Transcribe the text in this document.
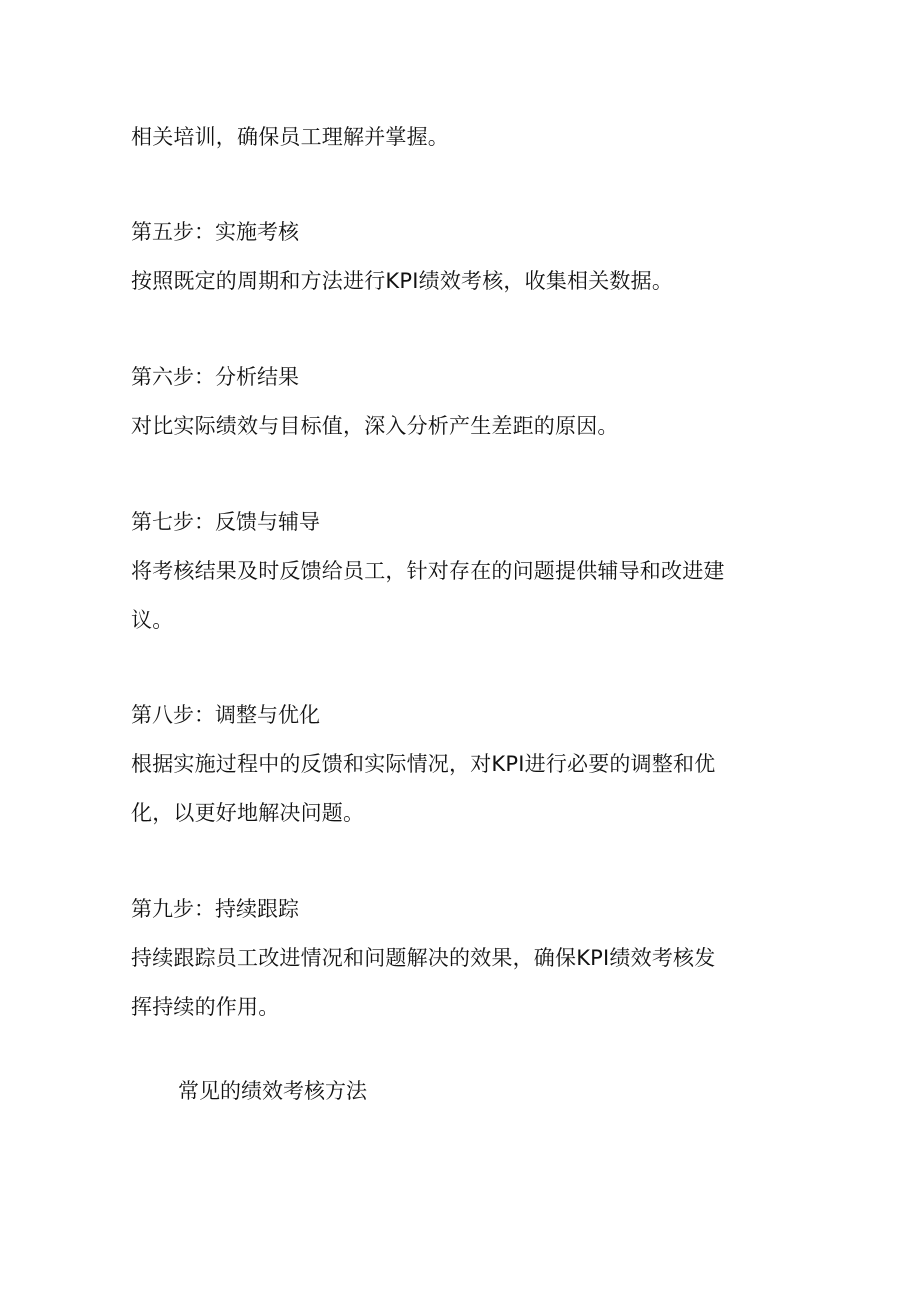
相关培训，确保员工理解并掌握。
第五步：实施考核
按照既定的周期和方法进行KPI绩效考核，收集相关数据。
第六步：分析结果
对比实际绩效与目标值，深入分析产生差距的原因。
第七步：反馈与辅导
将考核结果及时反馈给员工，针对存在的问题提供辅导和改进建
议。
第八步：调整与优化
根据实施过程中的反馈和实际情况，对KPI进行必要的调整和优
化，以更好地解决问题。
第九步：持续跟踪
持续跟踪员工改进情况和问题解决的效果，确保KPI绩效考核发
挥持续的作用。
常见的绩效考核方法
